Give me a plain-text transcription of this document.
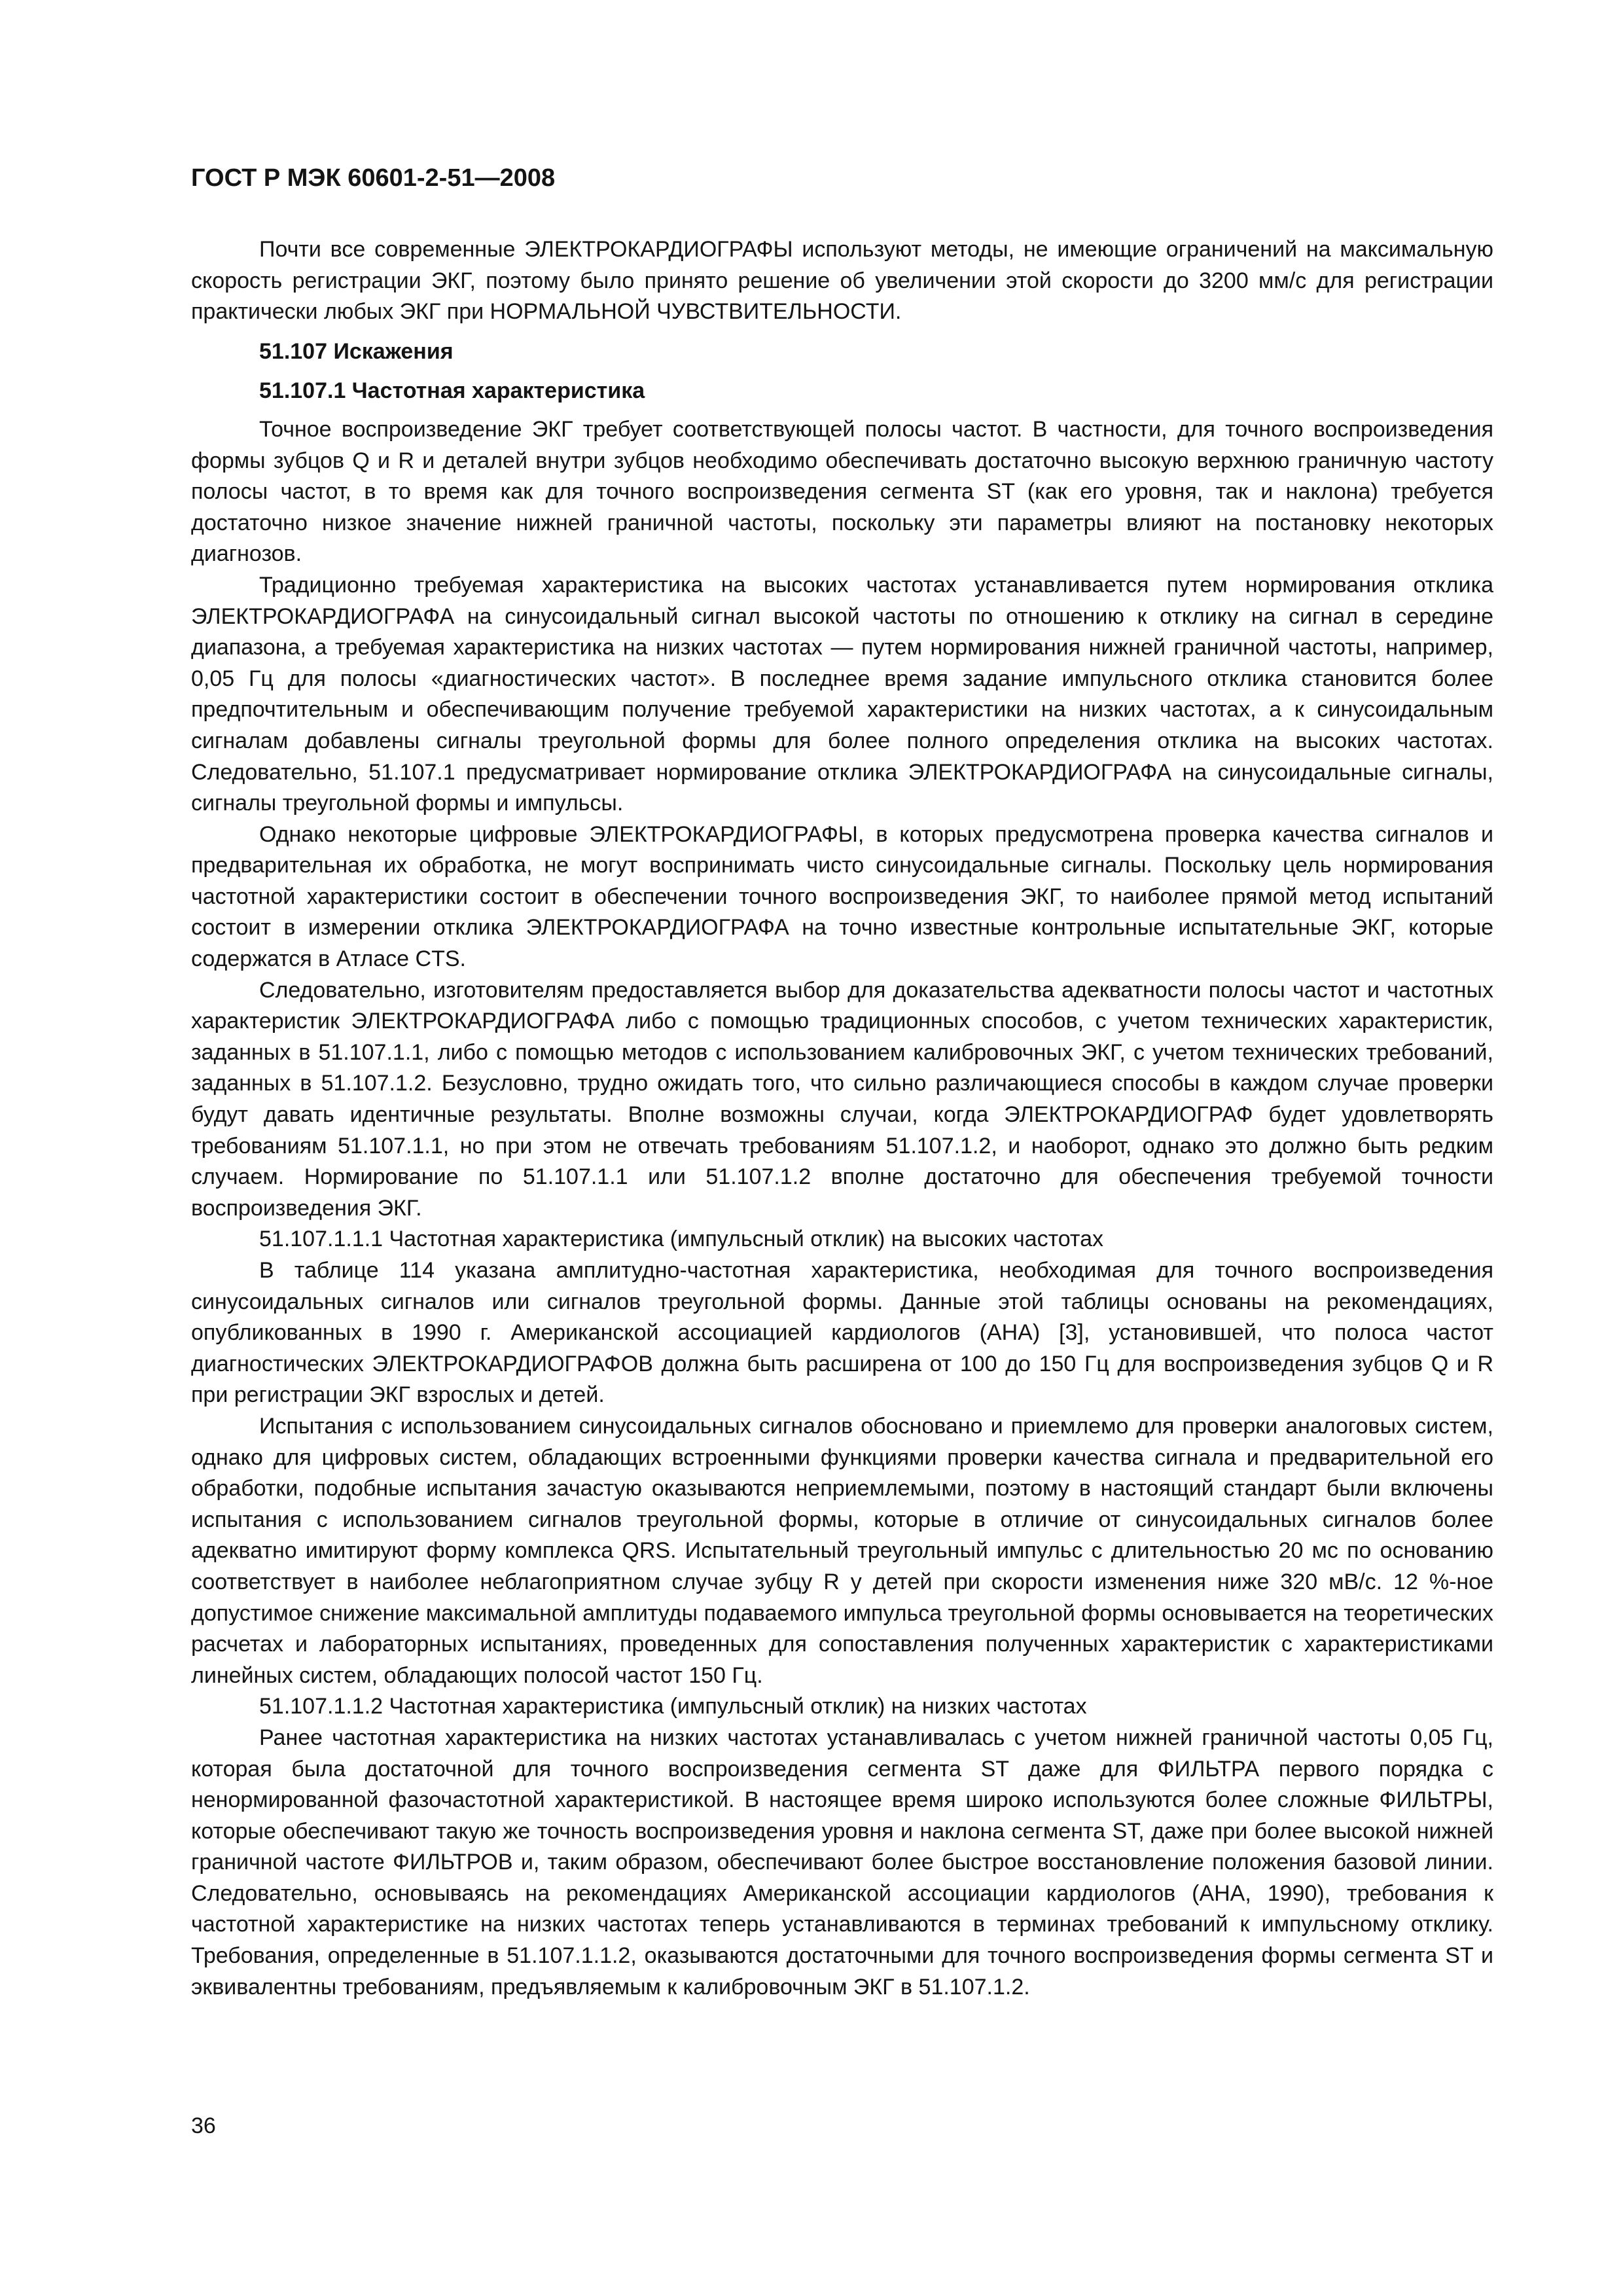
ГОСТ Р МЭК 60601-2-51—2008

Почти все современные ЭЛЕКТРОКАРДИОГРАФЫ используют методы, не имеющие ограничений на максимальную скорость регистрации ЭКГ, поэтому было принято решение об увеличении этой скорости до 3200 мм/с для регистрации практически любых ЭКГ при НОРМАЛЬНОЙ ЧУВСТВИТЕЛЬНОСТИ.

51.107 Искажения

51.107.1 Частотная характеристика

Точное воспроизведение ЭКГ требует соответствующей полосы частот. В частности, для точного воспроизведения формы зубцов Q и R и деталей внутри зубцов необходимо обеспечивать достаточно высокую верхнюю граничную частоту полосы частот, в то время как для точного воспроизведения сегмента ST (как его уровня, так и наклона) требуется достаточно низкое значение нижней граничной частоты, поскольку эти параметры влияют на постановку некоторых диагнозов.

Традиционно требуемая характеристика на высоких частотах устанавливается путем нормирования отклика ЭЛЕКТРОКАРДИОГРАФА на синусоидальный сигнал высокой частоты по отношению к отклику на сигнал в середине диапазона, а требуемая характеристика на низких частотах — путем нормирования нижней граничной частоты, например, 0,05 Гц для полосы «диагностических частот». В последнее время задание импульсного отклика становится более предпочтительным и обеспечивающим получение требуемой характеристики на низких частотах, а к синусоидальным сигналам добавлены сигналы треугольной формы для более полного определения отклика на высоких частотах. Следовательно, 51.107.1 предусматривает нормирование отклика ЭЛЕКТРОКАРДИОГРАФА на синусоидальные сигналы, сигналы треугольной формы и импульсы.

Однако некоторые цифровые ЭЛЕКТРОКАРДИОГРАФЫ, в которых предусмотрена проверка качества сигналов и предварительная их обработка, не могут воспринимать чисто синусоидальные сигналы. Поскольку цель нормирования частотной характеристики состоит в обеспечении точного воспроизведения ЭКГ, то наиболее прямой метод испытаний состоит в измерении отклика ЭЛЕКТРОКАРДИОГРАФА на точно известные контрольные испытательные ЭКГ, которые содержатся в Атласе CTS.

Следовательно, изготовителям предоставляется выбор для доказательства адекватности полосы частот и частотных характеристик ЭЛЕКТРОКАРДИОГРАФА либо с помощью традиционных способов, с учетом технических характеристик, заданных в 51.107.1.1, либо с помощью методов с использованием калибровочных ЭКГ, с учетом технических требований, заданных в 51.107.1.2. Безусловно, трудно ожидать того, что сильно различающиеся способы в каждом случае проверки будут давать идентичные результаты. Вполне возможны случаи, когда ЭЛЕКТРОКАРДИОГРАФ будет удовлетворять требованиям 51.107.1.1, но при этом не отвечать требованиям 51.107.1.2, и наоборот, однако это должно быть редким случаем. Нормирование по 51.107.1.1 или 51.107.1.2 вполне достаточно для обеспечения требуемой точности воспроизведения ЭКГ.

51.107.1.1.1 Частотная характеристика (импульсный отклик) на высоких частотах

В таблице 114 указана амплитудно-частотная характеристика, необходимая для точного воспроизведения синусоидальных сигналов или сигналов треугольной формы. Данные этой таблицы основаны на рекомендациях, опубликованных в 1990 г. Американской ассоциацией кардиологов (АНА) [3], установившей, что полоса частот диагностических ЭЛЕКТРОКАРДИОГРАФОВ должна быть расширена от 100 до 150 Гц для воспроизведения зубцов Q и R при регистрации ЭКГ взрослых и детей.

Испытания с использованием синусоидальных сигналов обосновано и приемлемо для проверки аналоговых систем, однако для цифровых систем, обладающих встроенными функциями проверки качества сигнала и предварительной его обработки, подобные испытания зачастую оказываются неприемлемыми, поэтому в настоящий стандарт были включены испытания с использованием сигналов треугольной формы, которые в отличие от синусоидальных сигналов более адекватно имитируют форму комплекса QRS. Испытательный треугольный импульс с длительностью 20 мс по основанию соответствует в наиболее неблагоприятном случае зубцу R у детей при скорости изменения ниже 320 мВ/с. 12 %-ное допустимое снижение максимальной амплитуды подаваемого импульса треугольной формы основывается на теоретических расчетах и лабораторных испытаниях, проведенных для сопоставления полученных характеристик с характеристиками линейных систем, обладающих полосой частот 150 Гц.

51.107.1.1.2 Частотная характеристика (импульсный отклик) на низких частотах

Ранее частотная характеристика на низких частотах устанавливалась с учетом нижней граничной частоты 0,05 Гц, которая была достаточной для точного воспроизведения сегмента ST даже для ФИЛЬТРА первого порядка с ненормированной фазочастотной характеристикой. В настоящее время широко используются более сложные ФИЛЬТРЫ, которые обеспечивают такую же точность воспроизведения уровня и наклона сегмента ST, даже при более высокой нижней граничной частоте ФИЛЬТРОВ и, таким образом, обеспечивают более быстрое восстановление положения базовой линии. Следовательно, основываясь на рекомендациях Американской ассоциации кардиологов (АНА, 1990), требования к частотной характеристике на низких частотах теперь устанавливаются в терминах требований к импульсному отклику. Требования, определенные в 51.107.1.1.2, оказываются достаточными для точного воспроизведения формы сегмента ST и эквивалентны требованиям, предъявляемым к калибровочным ЭКГ в 51.107.1.2.

36
